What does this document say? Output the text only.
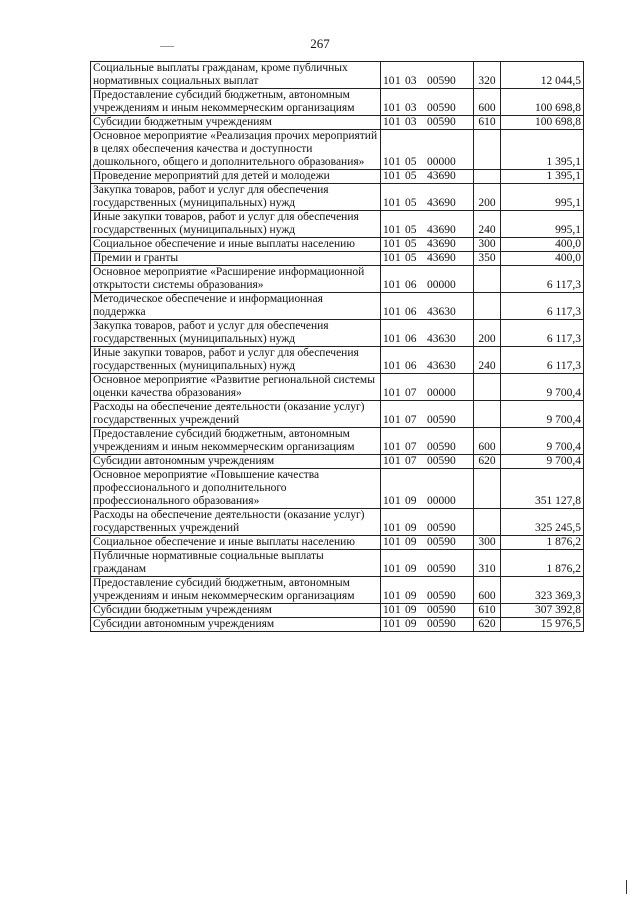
267
Социальные выплаты гражданам, кроме публичных нормативных социальных выплат	101 03 00590	320	12 044,5
Предоставление субсидий бюджетным, автономным учреждениям и иным некоммерческим организациям	101 03 00590	600	100 698,8
Субсидии бюджетным учреждениям	101 03 00590	610	100 698,8
Основное мероприятие «Реализация прочих мероприятий в целях обеспечения качества и доступности дошкольного, общего и дополнительного образования»	101 05 00000		1 395,1
Проведение мероприятий для детей и молодежи	101 05 43690		1 395,1
Закупка товаров, работ и услуг для обеспечения государственных (муниципальных) нужд	101 05 43690	200	995,1
Иные закупки товаров, работ и услуг для обеспечения государственных (муниципальных) нужд	101 05 43690	240	995,1
Социальное обеспечение и иные выплаты населению	101 05 43690	300	400,0
Премии и гранты	101 05 43690	350	400,0
Основное мероприятие «Расширение информационной открытости системы образования»	101 06 00000		6 117,3
Методическое обеспечение и информационная поддержка	101 06 43630		6 117,3
Закупка товаров, работ и услуг для обеспечения государственных (муниципальных) нужд	101 06 43630	200	6 117,3
Иные закупки товаров, работ и услуг для обеспечения государственных (муниципальных) нужд	101 06 43630	240	6 117,3
Основное мероприятие «Развитие региональной системы оценки качества образования»	101 07 00000		9 700,4
Расходы на обеспечение деятельности (оказание услуг) государственных учреждений	101 07 00590		9 700,4
Предоставление субсидий бюджетным, автономным учреждениям и иным некоммерческим организациям	101 07 00590	600	9 700,4
Субсидии автономным учреждениям	101 07 00590	620	9 700,4
Основное мероприятие «Повышение качества профессионального и дополнительного профессионального образования»	101 09 00000		351 127,8
Расходы на обеспечение деятельности (оказание услуг) государственных учреждений	101 09 00590		325 245,5
Социальное обеспечение и иные выплаты населению	101 09 00590	300	1 876,2
Публичные нормативные социальные выплаты гражданам	101 09 00590	310	1 876,2
Предоставление субсидий бюджетным, автономным учреждениям и иным некоммерческим организациям	101 09 00590	600	323 369,3
Субсидии бюджетным учреждениям	101 09 00590	610	307 392,8
Субсидии автономным учреждениям	101 09 00590	620	15 976,5
